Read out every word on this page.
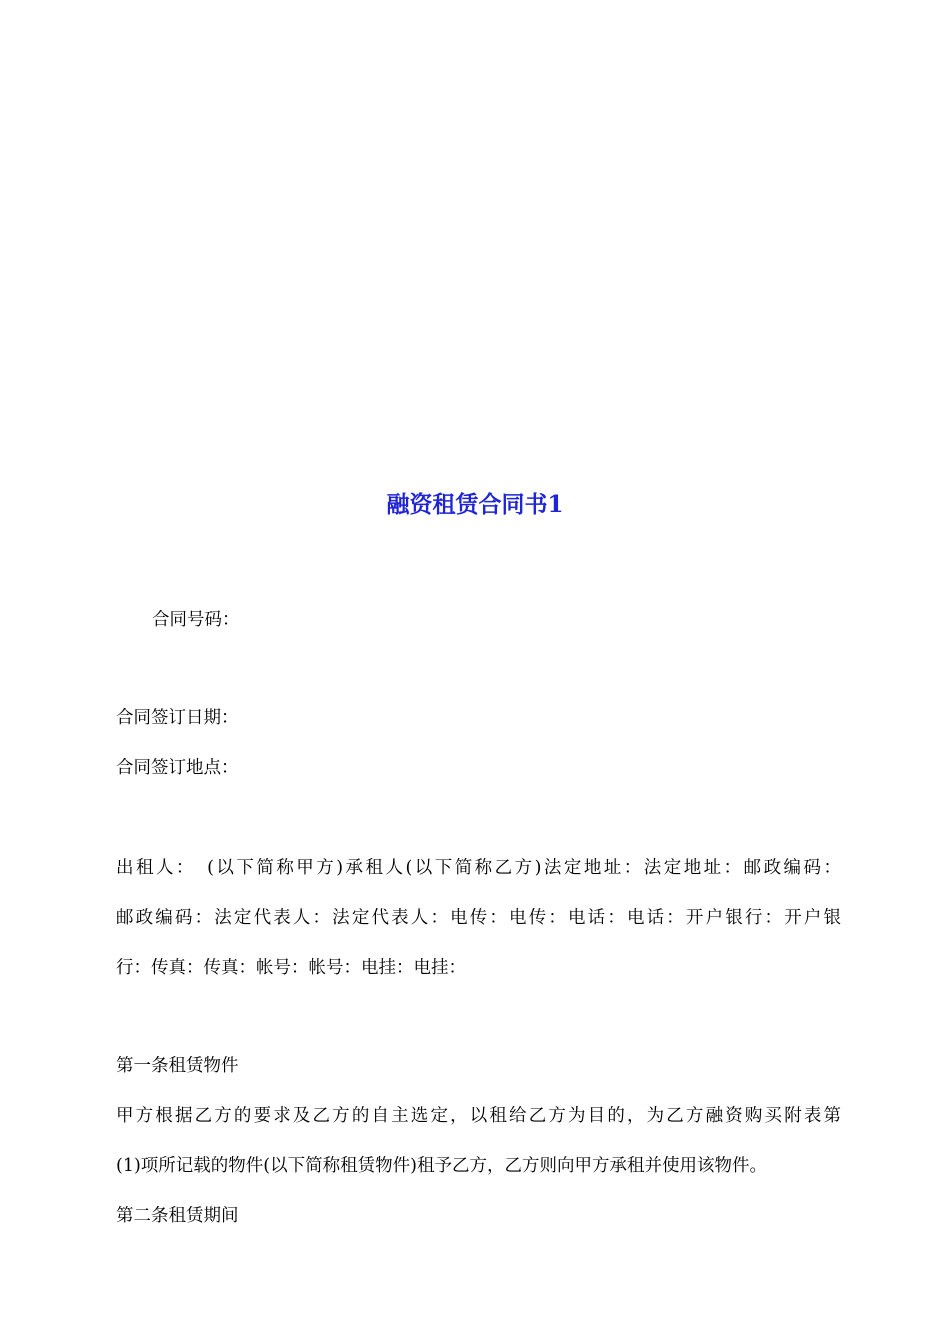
融资租赁合同书1
合同号码：
合同签订日期：
合同签订地点：
出租人：　(以下简称甲方)承租人(以下简称乙方)法定地址：法定地址：邮政编码：
邮政编码：法定代表人：法定代表人：电传：电传：电话：电话：开户银行：开户银
行：传真：传真：帐号：帐号：电挂：电挂：
第一条租赁物件
甲方根据乙方的要求及乙方的自主选定，以租给乙方为目的，为乙方融资购买附表第
(1)项所记载的物件(以下简称租赁物件)租予乙方，乙方则向甲方承租并使用该物件。
第二条租赁期间
